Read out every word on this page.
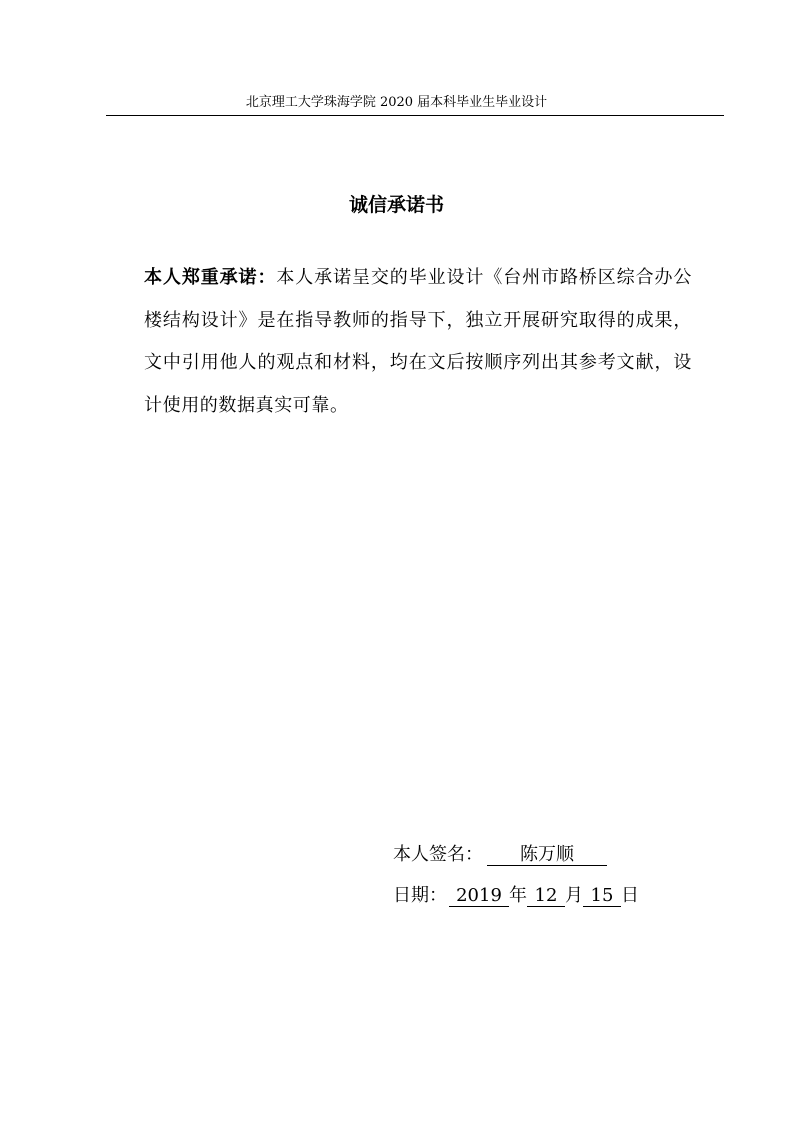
北京理工大学珠海学院 2020 届本科毕业生毕业设计
诚信承诺书
本人郑重承诺：本人承诺呈交的毕业设计《台州市路桥区综合办公楼结构设计》是在指导教师的指导下，独立开展研究取得的成果，文中引用他人的观点和材料，均在文后按顺序列出其参考文献，设计使用的数据真实可靠。
本人签名： 陈万顺
日期： 2019 年 12 月 15 日
